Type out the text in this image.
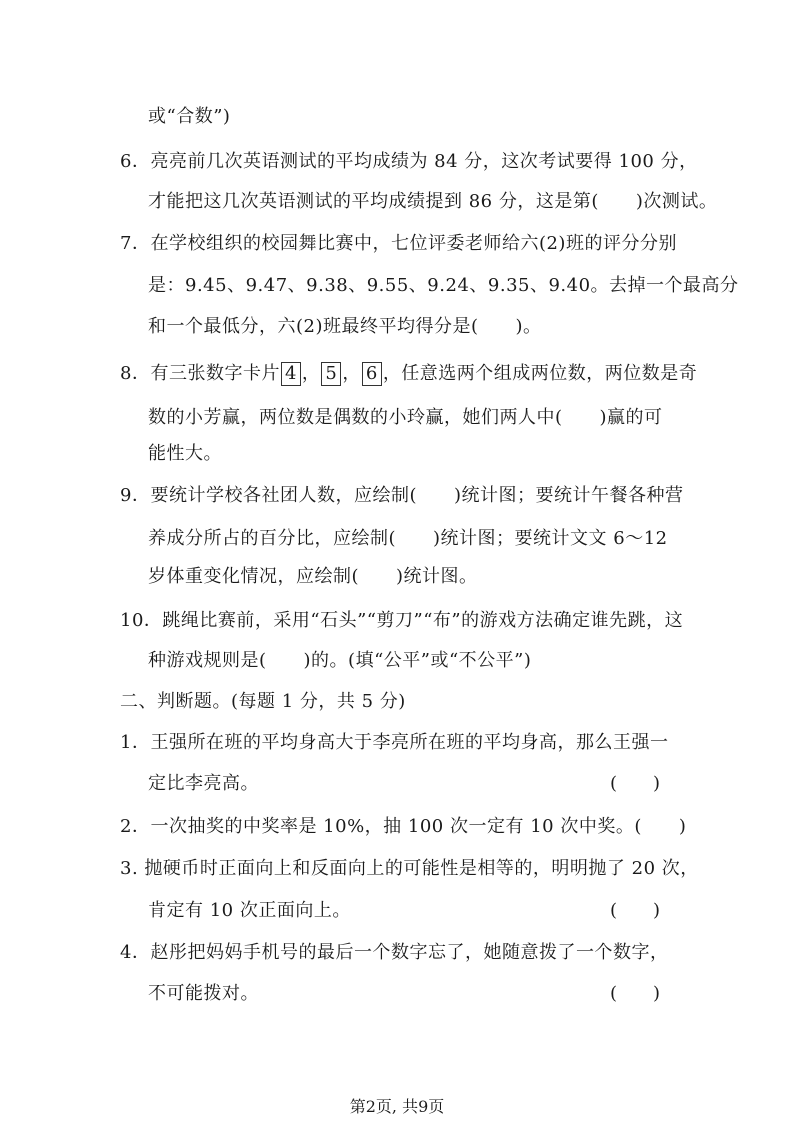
或“合数”)
6．亮亮前几次英语测试的平均成绩为 84 分，这次考试要得 100 分，
才能把这几次英语测试的平均成绩提到 86 分，这是第(　　)次测试。
7．在学校组织的校园舞比赛中，七位评委老师给六(2)班的评分分别
是：9.45、9.47、9.38、9.55、9.24、9.35、9.40。去掉一个最高分
和一个最低分，六(2)班最终平均得分是(　　)。
8．有三张数字卡片 4 ， 5 ， 6 ，任意选两个组成两位数，两位数是奇
数的小芳赢，两位数是偶数的小玲赢，她们两人中(　　)赢的可
能性大。
9．要统计学校各社团人数，应绘制(　　)统计图；要统计午餐各种营
养成分所占的百分比，应绘制(　　)统计图；要统计文文 6～12
岁体重变化情况，应绘制(　　)统计图。
10．跳绳比赛前，采用“石头”“剪刀”“布”的游戏方法确定谁先跳，这
种游戏规则是(　　)的。(填“公平”或“不公平”)
二、判断题。(每题 1 分，共 5 分)
1．王强所在班的平均身高大于李亮所在班的平均身高，那么王强一
定比李亮高。	(　　)
2．一次抽奖的中奖率是 10%，抽 100 次一定有 10 次中奖。(　　)
3. 抛硬币时正面向上和反面向上的可能性是相等的，明明抛了 20 次，
肯定有 10 次正面向上。	(　　)
4．赵彤把妈妈手机号的最后一个数字忘了，她随意拨了一个数字，
不可能拨对。	(　　)
第2页, 共9页
